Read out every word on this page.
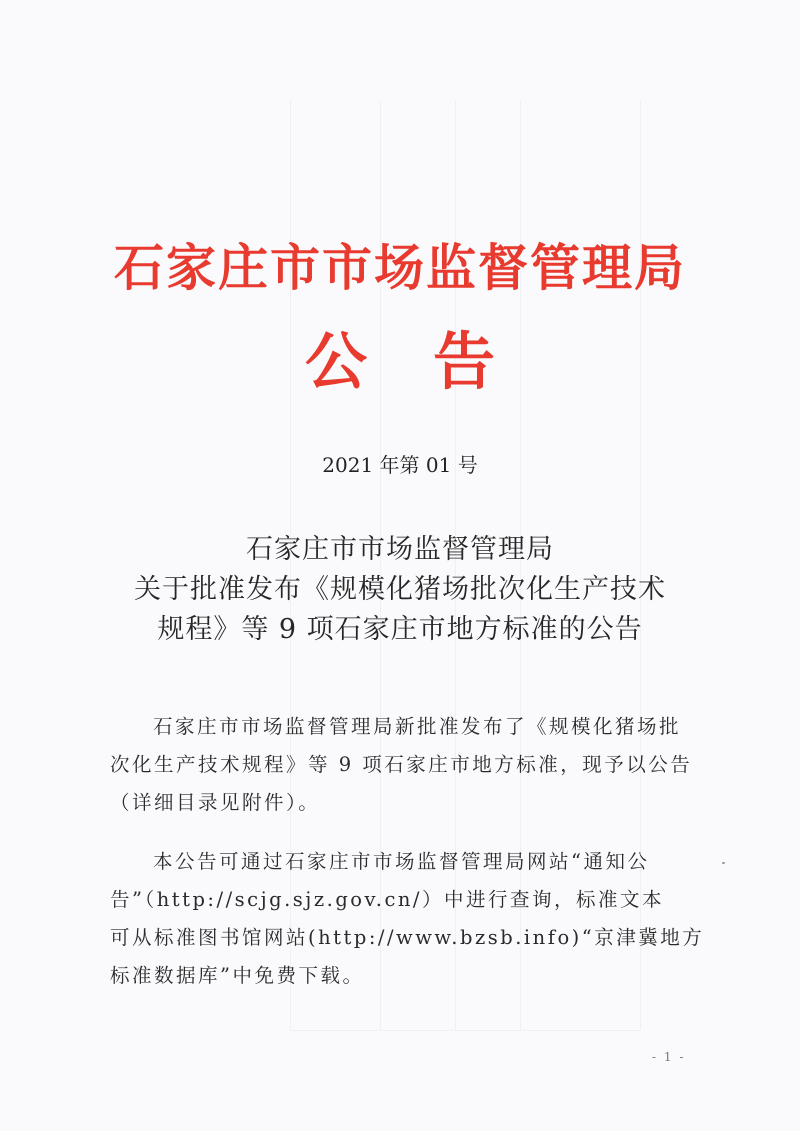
石家庄市市场监督管理局
公 告
2021 年第 01 号
石家庄市市场监督管理局
关于批准发布《规模化猪场批次化生产技术
规程》等 9 项石家庄市地方标准的公告
石家庄市市场监督管理局新批准发布了《规模化猪场批
次化生产技术规程》等 9 项石家庄市地方标准，现予以公告
（详细目录见附件）。
本公告可通过石家庄市市场监督管理局网站“通知公
告”（http://scjg.sjz.gov.cn/）中进行查询，标准文本
可从标准图书馆网站(http://www.bzsb.info)“京津冀地方
标准数据库”中免费下载。
- 1 -
